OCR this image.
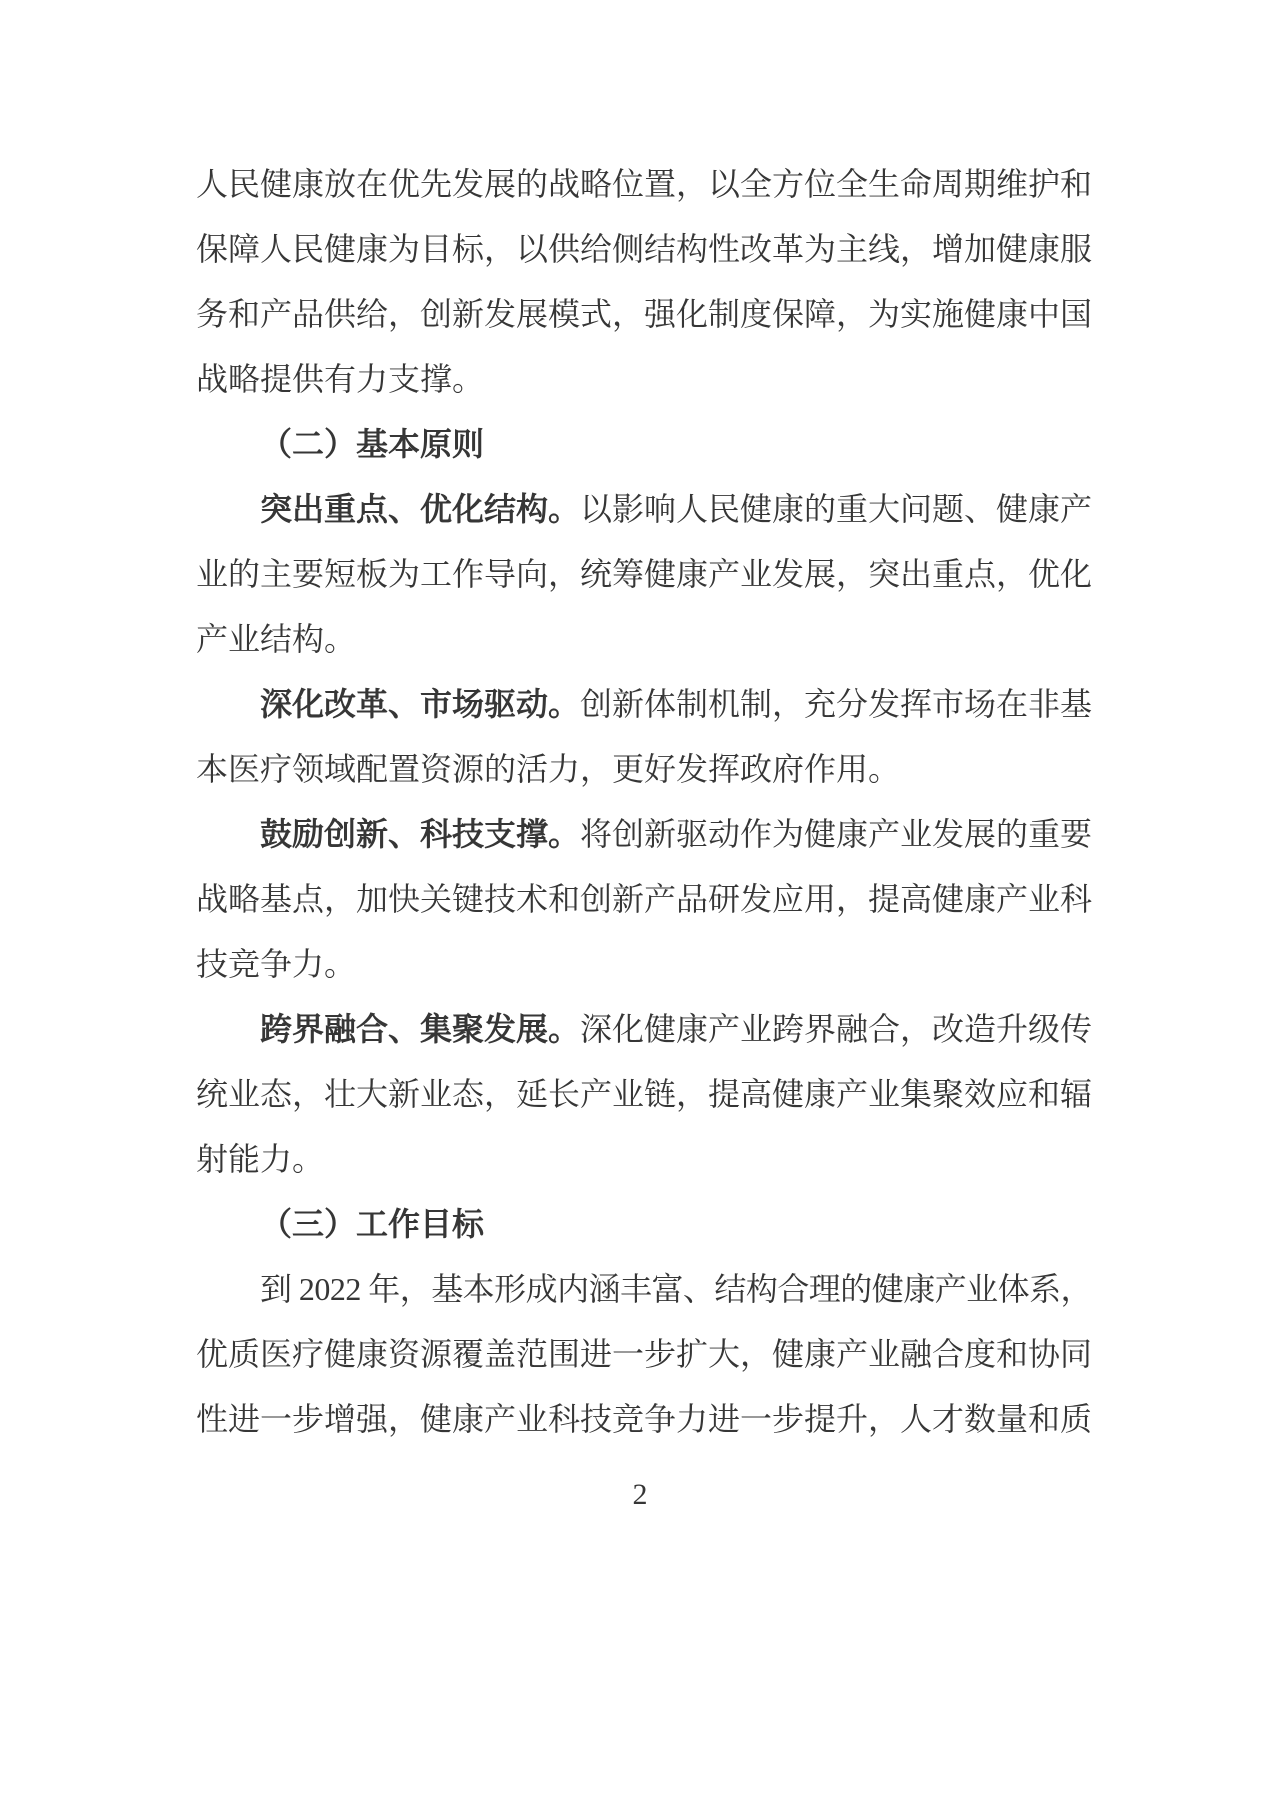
人民健康放在优先发展的战略位置，以全方位全生命周期维护和
保障人民健康为目标，以供给侧结构性改革为主线，增加健康服
务和产品供给，创新发展模式，强化制度保障，为实施健康中国
战略提供有力支撑。
（二）基本原则
突出重点、优化结构。以影响人民健康的重大问题、健康产
业的主要短板为工作导向，统筹健康产业发展，突出重点，优化
产业结构。
深化改革、市场驱动。创新体制机制，充分发挥市场在非基
本医疗领域配置资源的活力，更好发挥政府作用。
鼓励创新、科技支撑。将创新驱动作为健康产业发展的重要
战略基点，加快关键技术和创新产品研发应用，提高健康产业科
技竞争力。
跨界融合、集聚发展。深化健康产业跨界融合，改造升级传
统业态，壮大新业态，延长产业链，提高健康产业集聚效应和辐
射能力。
（三）工作目标
到 2022 年，基本形成内涵丰富、结构合理的健康产业体系，
优质医疗健康资源覆盖范围进一步扩大，健康产业融合度和协同
性进一步增强，健康产业科技竞争力进一步提升，人才数量和质
2
